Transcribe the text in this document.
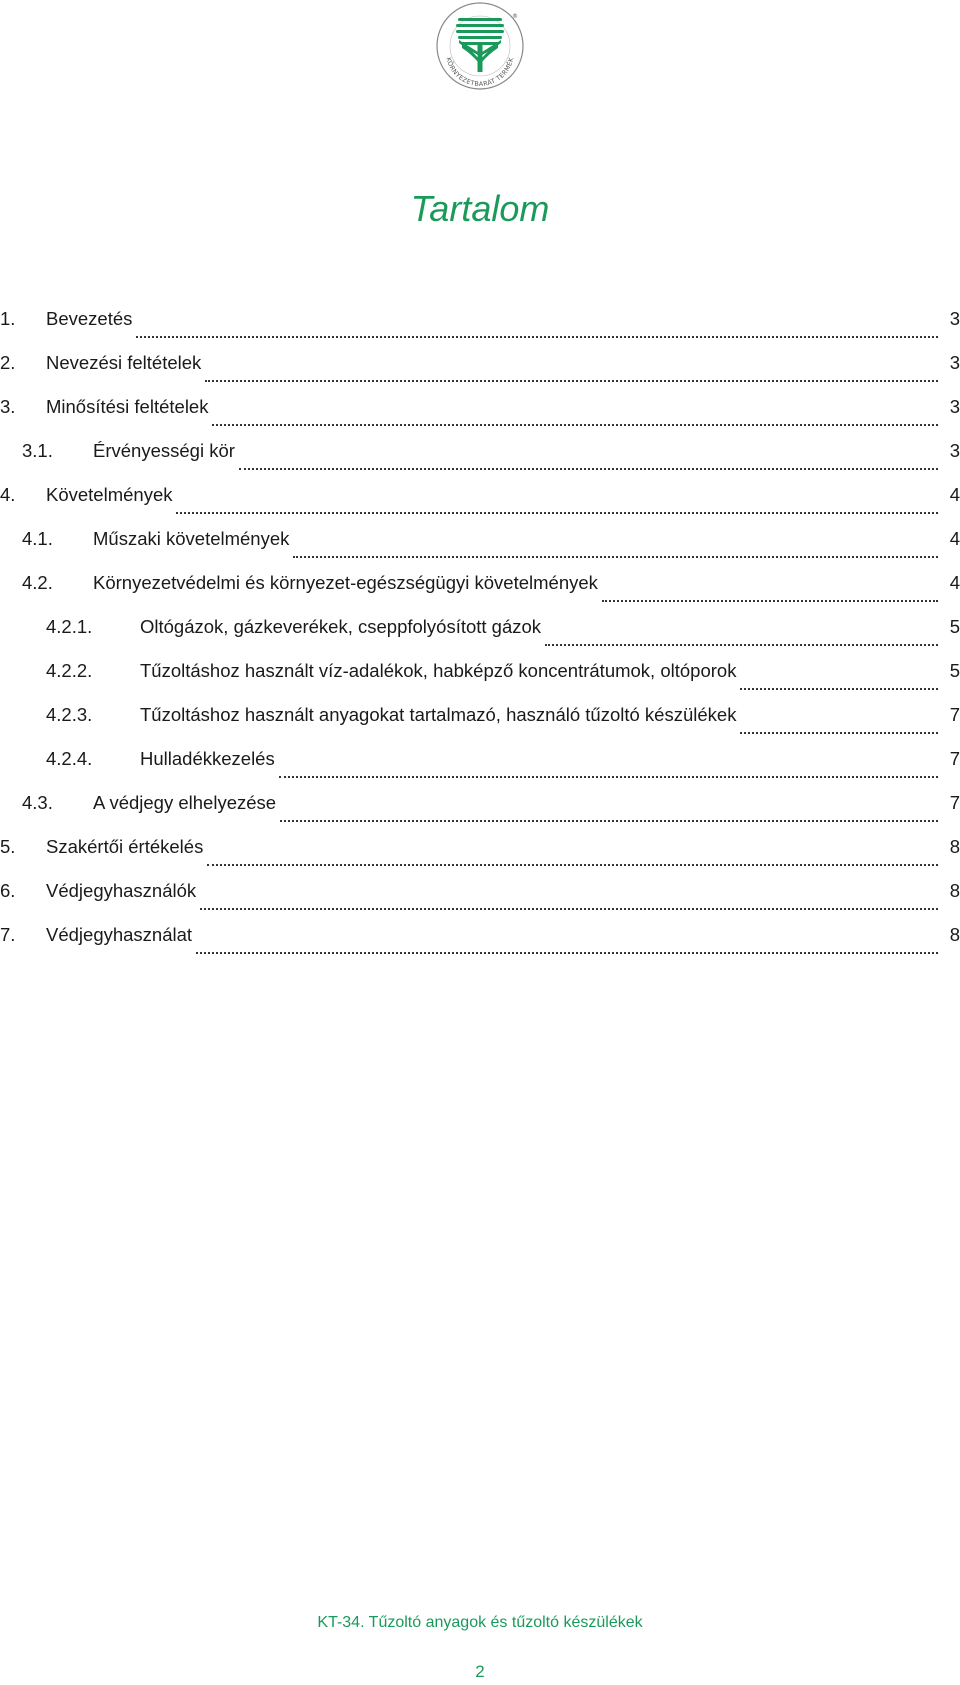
®
KÖRNYEZETBARÁT TERMÉK
Tartalom
1. Bevezetés	3
2. Nevezési feltételek	3
3. Minősítési feltételek	3
3.1. Érvényességi kör	3
4. Követelmények	4
4.1. Műszaki követelmények	4
4.2. Környezetvédelmi és környezet-egészségügyi követelmények	4
4.2.1.	Oltógázok, gázkeverékek, cseppfolyósított gázok	5
4.2.2.	Tűzoltáshoz használt víz-adalékok, habképző koncentrátumok, oltóporok	5
4.2.3.	Tűzoltáshoz használt anyagokat tartalmazó, használó tűzoltó készülékek	7
4.2.4.	Hulladékkezelés	7
4.3. A védjegy elhelyezése	7
5. Szakértői értékelés	8
6. Védjegyhasználók	8
7. Védjegyhasználat	8
KT-34. Tűzoltó anyagok és tűzoltó készülékek
2
